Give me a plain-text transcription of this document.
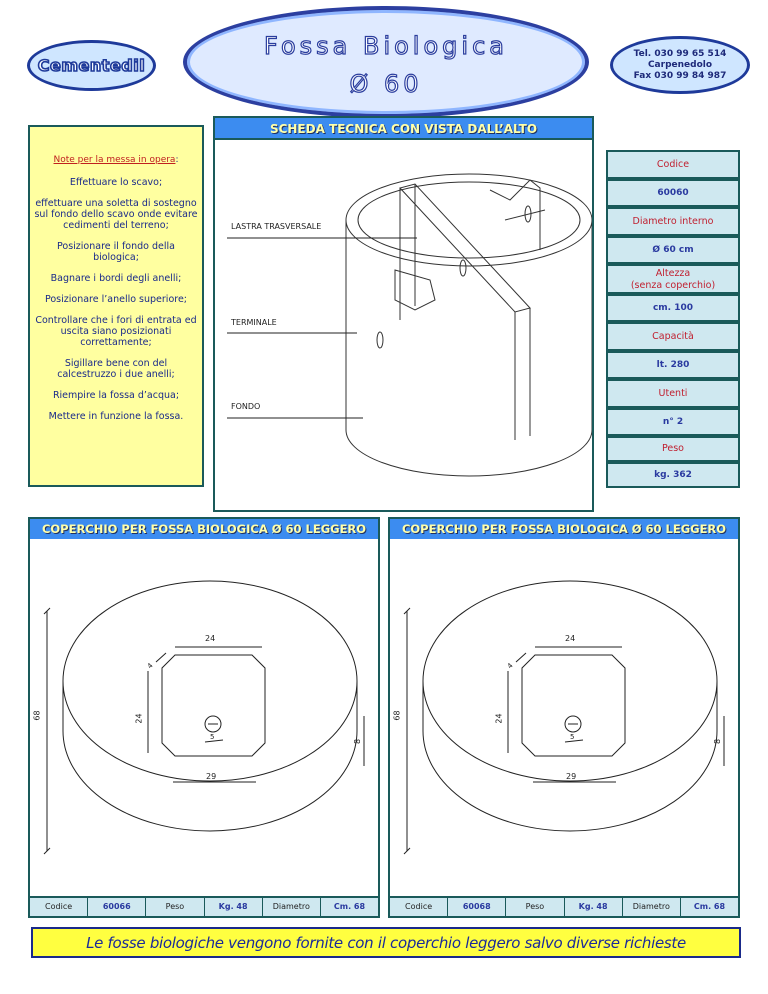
Cementedil
Fossa Biologica
Ø 60
Tel. 030 99 65 514
Carpenedolo
Fax 030 99 84 987
Note per la messa in opera:
Effettuare lo scavo;
effettuare una soletta di sostegno sul fondo dello scavo onde evitare cedimenti del terreno;
Posizionare il fondo della biologica;
Bagnare i bordi degli anelli;
Posizionare l’anello superiore;
Controllare che i fori di entrata ed uscita siano posizionati correttamente;
Sigillare bene con del calcestruzzo i due anelli;
Riempire la fossa d’acqua;
Mettere in funzione la fossa.
SCHEDA TECNICA CON VISTA DALL’ALTO
LASTRA TRASVERSALE
TERMINALE
FONDO
Codice
60060
Diametro interno
Ø 60 cm
Altezza
(senza coperchio)
cm. 100
Capacità
lt. 280
Utenti
n° 2
Peso
kg. 362
COPERCHIO PER FOSSA BIOLOGICA Ø 60 LEGGERO
68
24
24
4
5
29
8
Codice	60066	Peso	Kg. 48	Diametro	Cm. 68
COPERCHIO PER FOSSA BIOLOGICA Ø 60 LEGGERO
68
24
24
4
5
29
8
Codice	60068	Peso	Kg. 48	Diametro	Cm. 68
Le fosse biologiche vengono fornite con il coperchio leggero salvo diverse richieste
